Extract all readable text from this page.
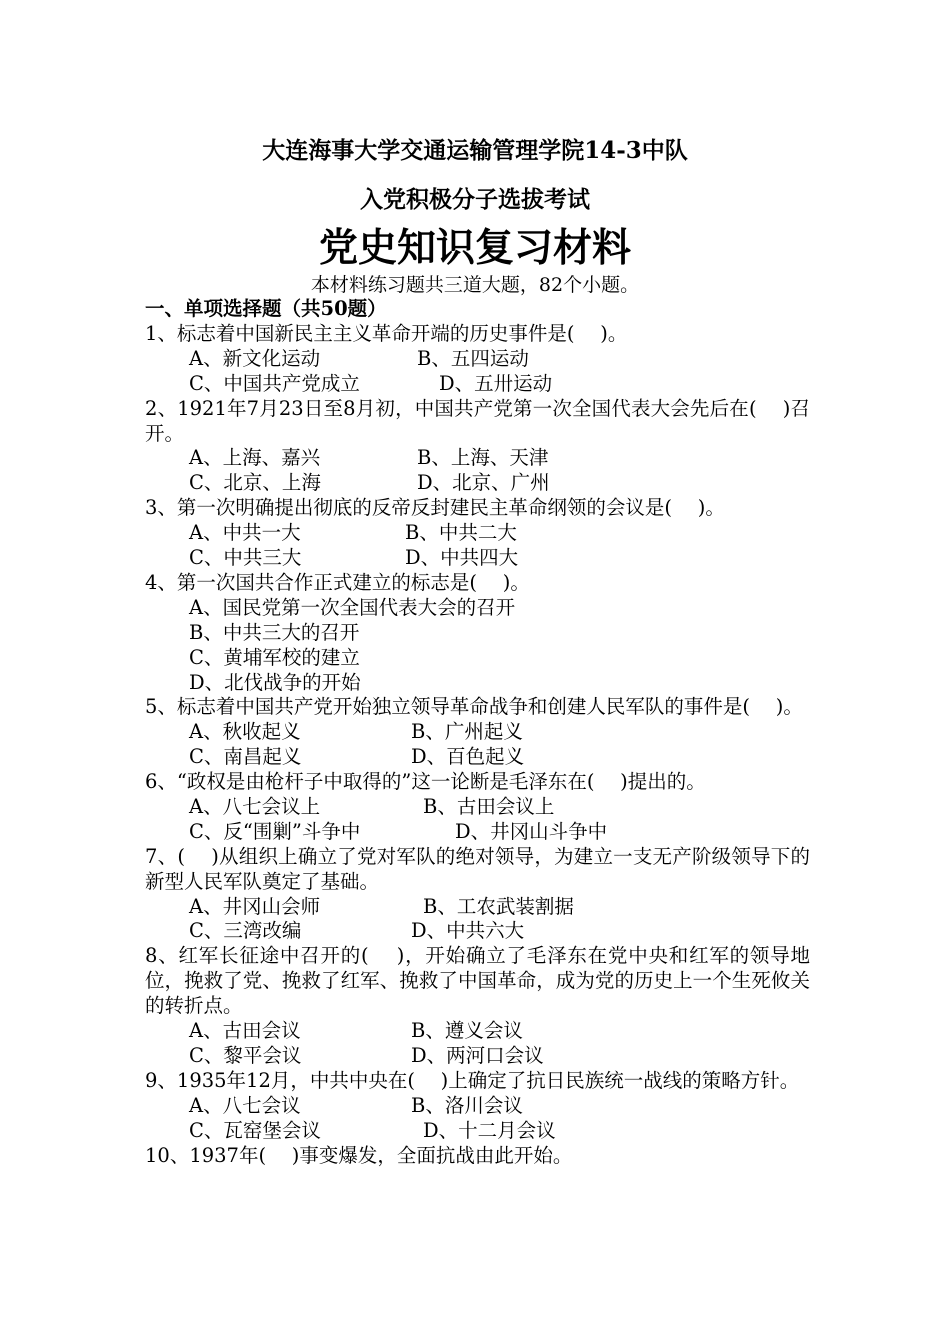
大连海事大学交通运输管理学院14-3中队
入党积极分子选拔考试
党史知识复习材料
本材料练习题共三道大题，82个小题。
一、单项选择题（共50题）
1、标志着中国新民主主义革命开端的历史事件是(　 )。
A、新文化运动	B、五四运动
C、中国共产党成立	D、五卅运动
2、1921年7月23日至8月初，中国共产党第一次全国代表大会先后在(　 )召开。
A、上海、嘉兴	B、上海、天津
C、北京、上海	D、北京、广州
3、第一次明确提出彻底的反帝反封建民主革命纲领的会议是(　 )。
A、中共一大	B、中共二大
C、中共三大	D、中共四大
4、第一次国共合作正式建立的标志是(　 )。
A、国民党第一次全国代表大会的召开
B、中共三大的召开
C、黄埔军校的建立
D、北伐战争的开始
5、标志着中国共产党开始独立领导革命战争和创建人民军队的事件是(　 )。
A、秋收起义	B、广州起义
C、南昌起义	D、百色起义
6、“政权是由枪杆子中取得的”这一论断是毛泽东在(　 )提出的。
A、八七会议上	B、古田会议上
C、反“围剿”斗争中	D、井冈山斗争中
7、(　 )从组织上确立了党对军队的绝对领导，为建立一支无产阶级领导下的新型人民军队奠定了基础。
A、井冈山会师	B、工农武装割据
C、三湾改编	D、中共六大
8、红军长征途中召开的(　 )，开始确立了毛泽东在党中央和红军的领导地位，挽救了党、挽救了红军、挽救了中国革命，成为党的历史上一个生死攸关的转折点。
A、古田会议	B、遵义会议
C、黎平会议	D、两河口会议
9、1935年12月，中共中央在(　 )上确定了抗日民族统一战线的策略方针。
A、八七会议	B、洛川会议
C、瓦窑堡会议	D、十二月会议
10、1937年(　 )事变爆发，全面抗战由此开始。
